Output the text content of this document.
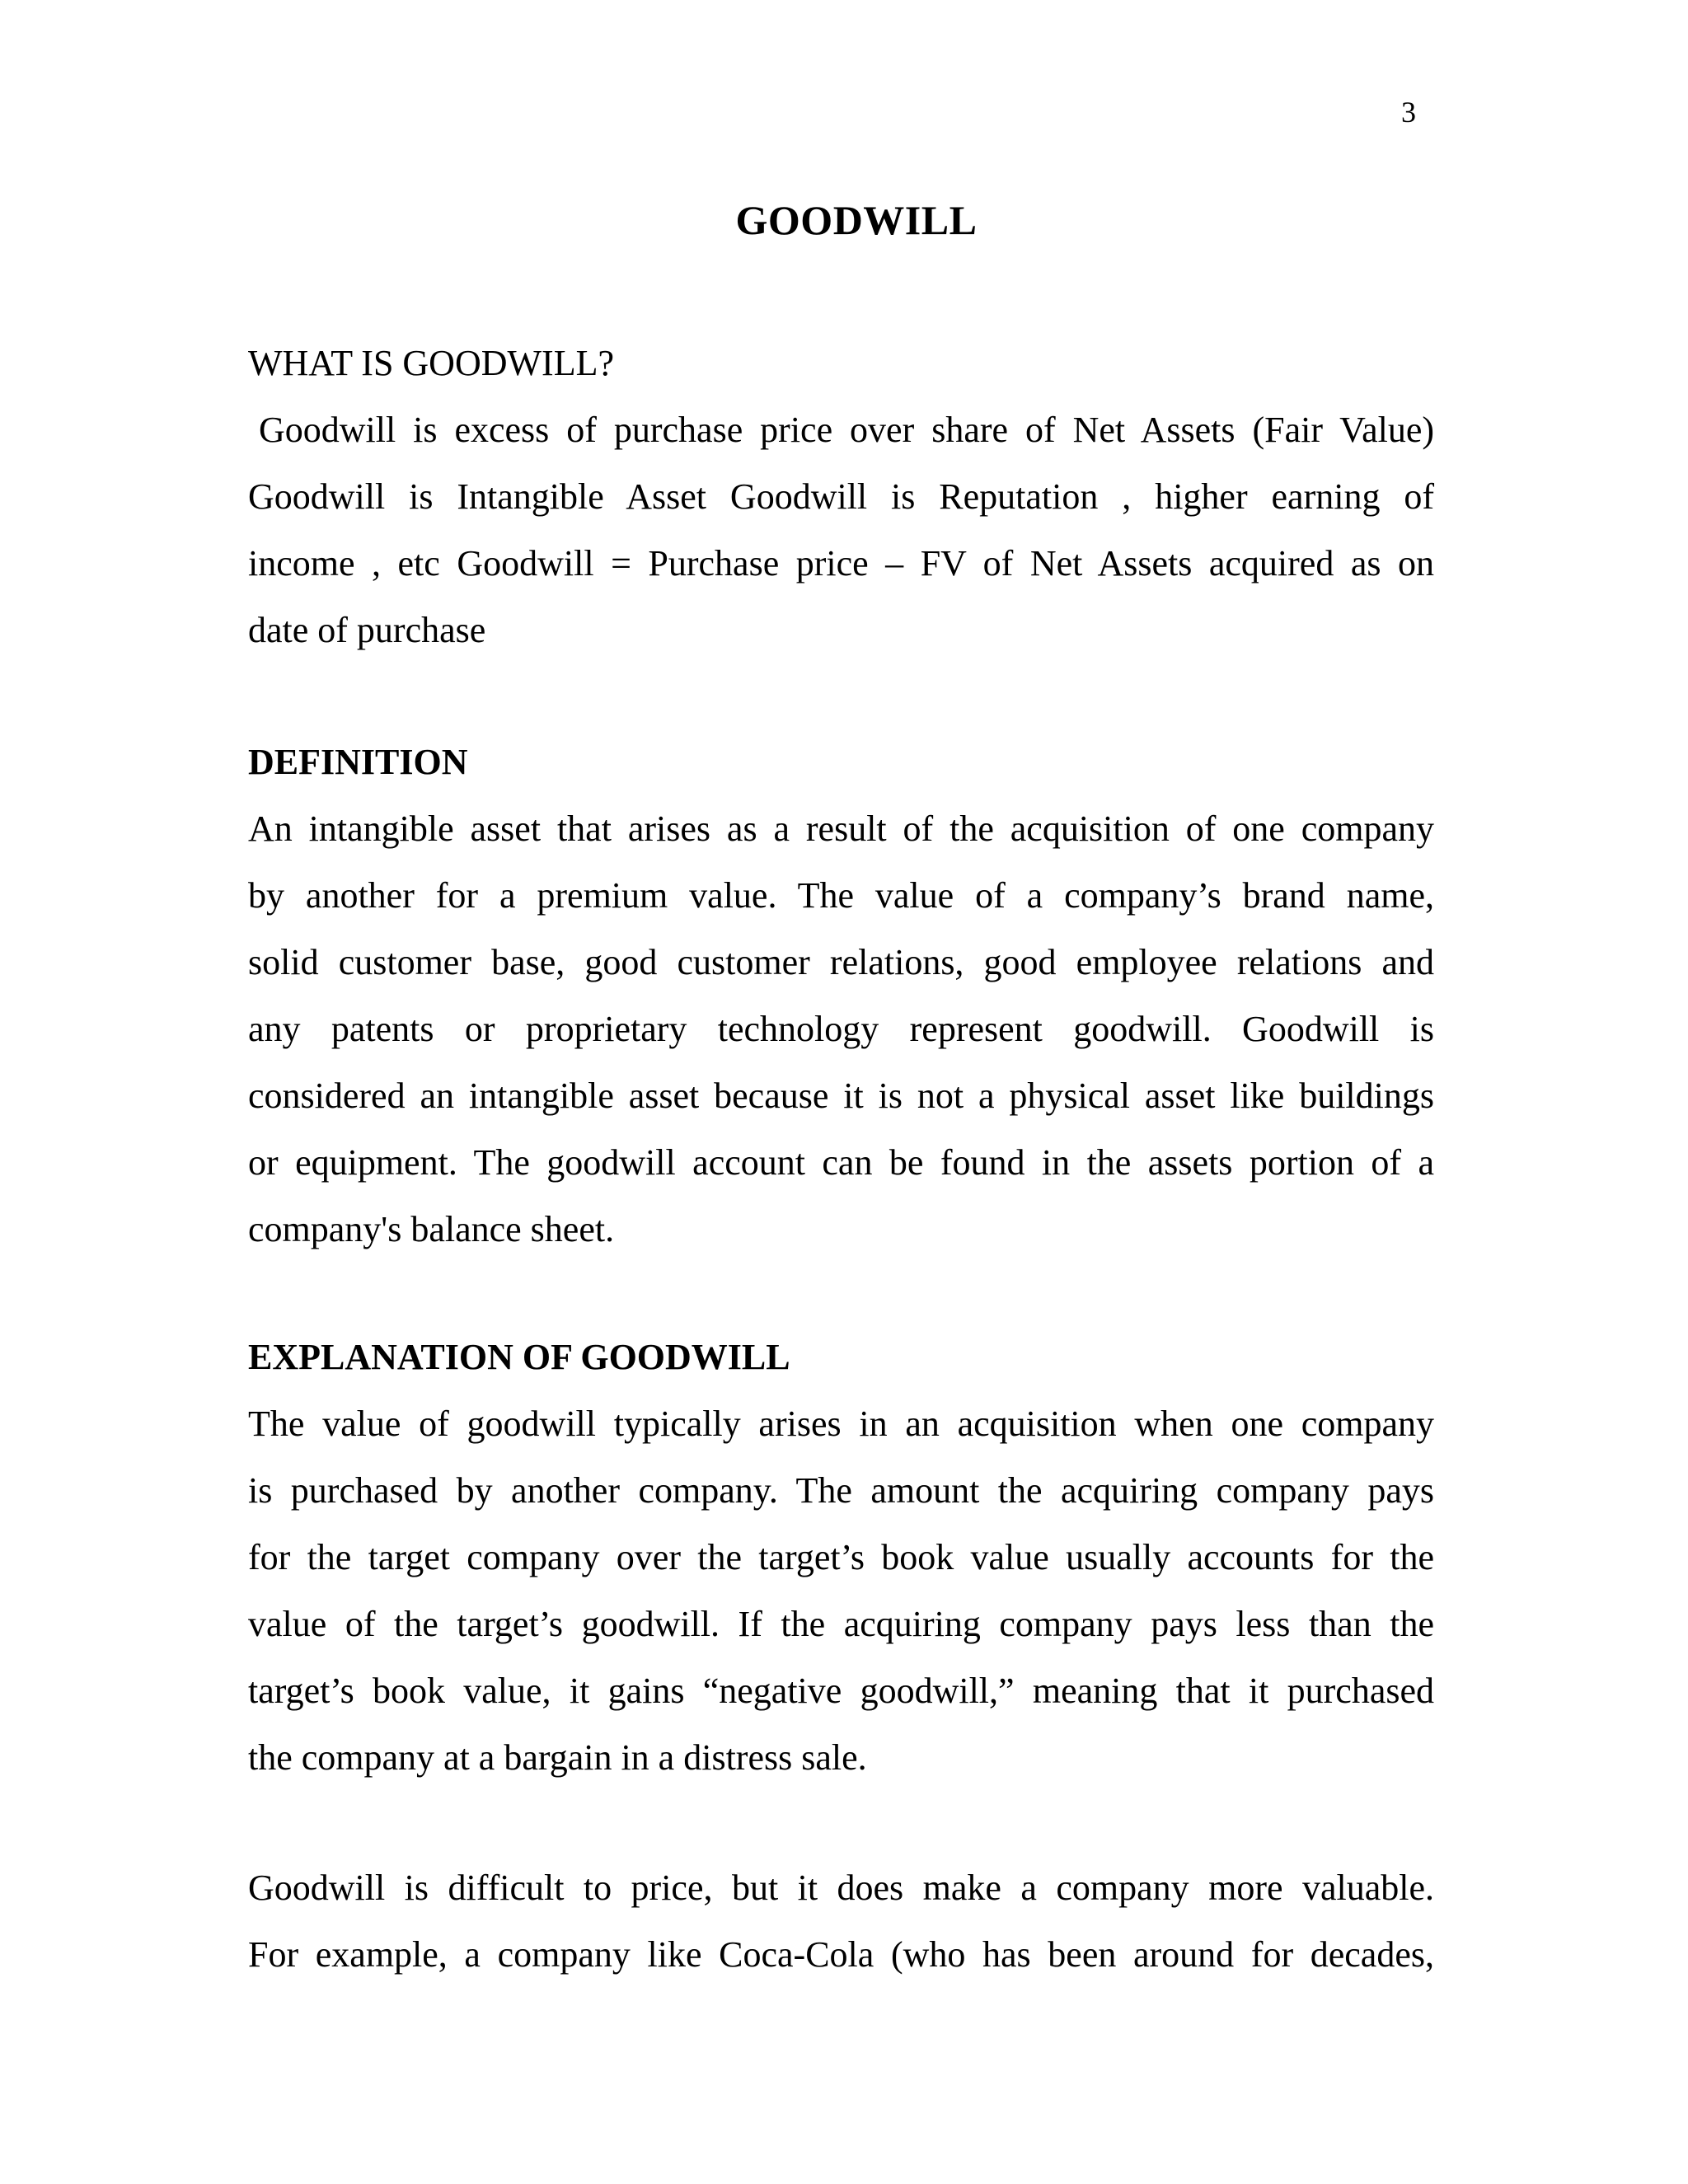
3
GOODWILL
WHAT IS GOODWILL?
Goodwill is excess of purchase price over share of Net Assets (Fair Value)
Goodwill is Intangible Asset Goodwill is Reputation , higher earning of
income , etc Goodwill = Purchase price – FV of Net Assets acquired as on
date of purchase
DEFINITION
An intangible asset that arises as a result of the acquisition of one company
by another for a premium value. The value of a company’s brand name,
solid customer base, good customer relations, good employee relations and
any patents or proprietary technology represent goodwill. Goodwill is
considered an intangible asset because it is not a physical asset like buildings
or equipment. The goodwill account can be found in the assets portion of a
company's balance sheet.
EXPLANATION OF GOODWILL
The value of goodwill typically arises in an acquisition when one company
is purchased by another company. The amount the acquiring company pays
for the target company over the target’s book value usually accounts for the
value of the target’s goodwill. If the acquiring company pays less than the
target’s book value, it gains “negative goodwill,” meaning that it purchased
the company at a bargain in a distress sale.
Goodwill is difficult to price, but it does make a company more valuable.
For example, a company like Coca-Cola (who has been around for decades,
